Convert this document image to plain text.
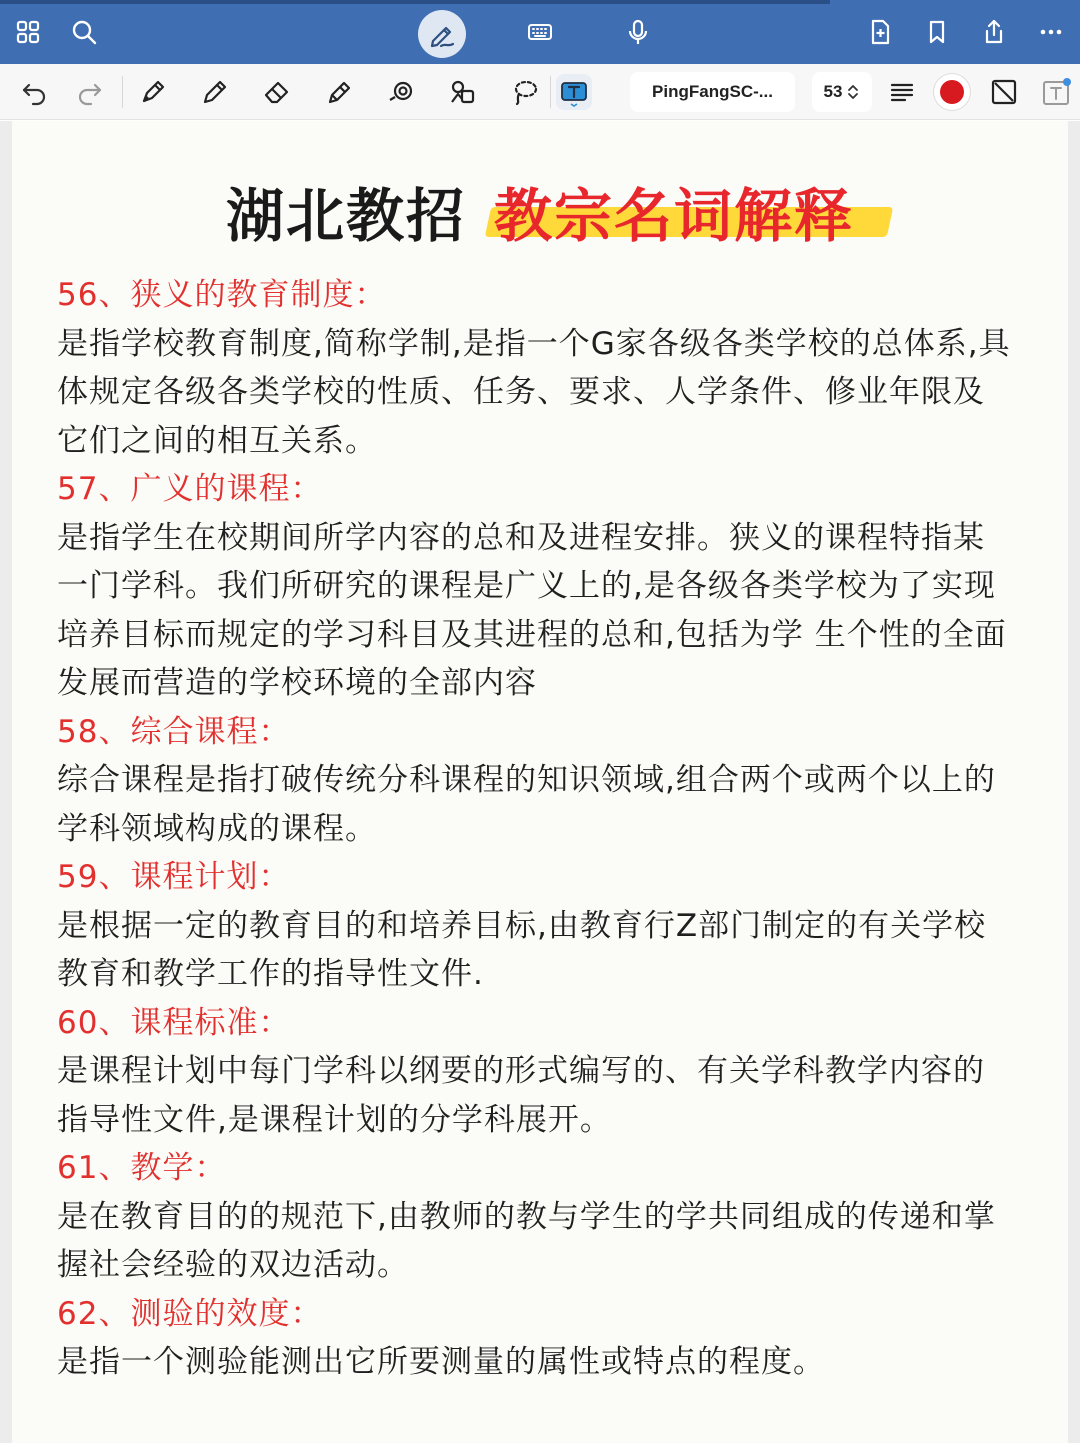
PingFangSC-...	53
湖北教招 教宗名词解释
56、狭义的教育制度：
是指学校教育制度,简称学制,是指一个G家各级各类学校的总体系,具
体规定各级各类学校的性质、任务、要求、人学条件、修业年限及
它们之间的相互关系。
57、广义的课程：
是指学生在校期间所学内容的总和及进程安排。狭义的课程特指某
一门学科。我们所研究的课程是广义上的,是各级各类学校为了实现
培养目标而规定的学习科目及其进程的总和,包括为学 生个性的全面
发展而营造的学校环境的全部内容
58、综合课程：
综合课程是指打破传统分科课程的知识领域,组合两个或两个以上的
学科领域构成的课程。
59、课程计划：
是根据一定的教育目的和培养目标,由教育行Z部门制定的有关学校
教育和教学工作的指导性文件.
60、课程标准：
是课程计划中每门学科以纲要的形式编写的、有关学科教学内容的
指导性文件,是课程计划的分学科展开。
61、教学：
是在教育目的的规范下,由教师的教与学生的学共同组成的传递和掌
握社会经验的双边活动。
62、测验的效度：
是指一个测验能测出它所要测量的属性或特点的程度。
